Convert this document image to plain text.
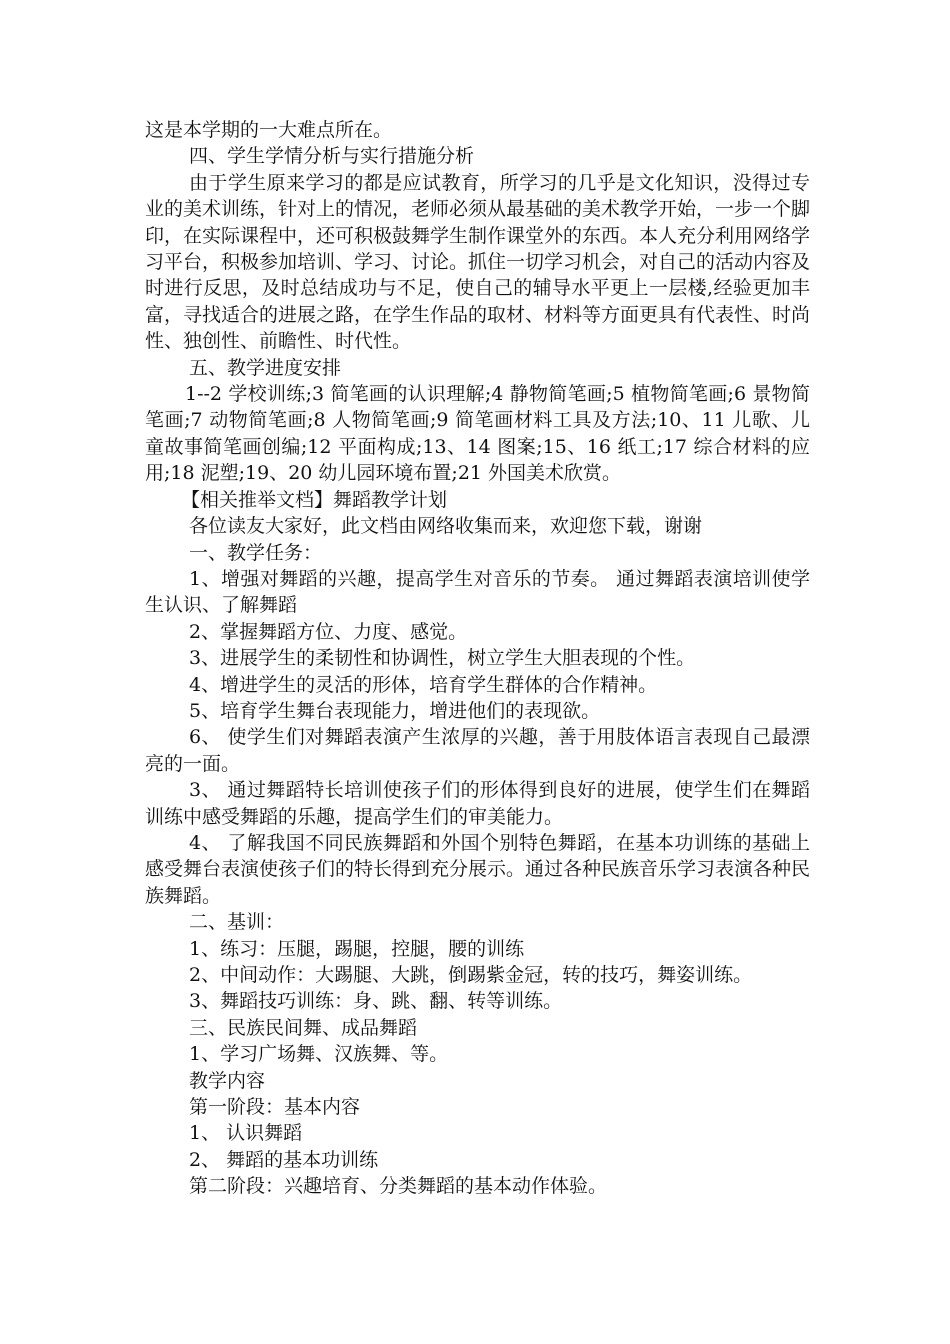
这是本学期的一大难点所在。

四、学生学情分析与实行措施分析

由于学生原来学习的都是应试教育，所学习的几乎是文化知识，没得过专业的美术训练，针对上的情况，老师必须从最基础的美术教学开始，一步一个脚印，在实际课程中，还可积极鼓舞学生制作课堂外的东西。本人充分利用网络学习平台，积极参加培训、学习、讨论。抓住一切学习机会，对自己的活动内容及时进行反思，及时总结成功与不足，使自己的辅导水平更上一层楼,经验更加丰富，寻找适合的进展之路，在学生作品的取材、材料等方面更具有代表性、时尚性、独创性、前瞻性、时代性。

五、教学进度安排

1--2 学校训练;3 简笔画的认识理解;4 静物简笔画;5 植物简笔画;6 景物简笔画;7 动物简笔画;8 人物简笔画;9 简笔画材料工具及方法;10、11 儿歌、儿童故事简笔画创编;12 平面构成;13、14 图案;15、16 纸工;17 综合材料的应用;18 泥塑;19、20 幼儿园环境布置;21 外国美术欣赏。

【相关推举文档】舞蹈教学计划

各位读友大家好，此文档由网络收集而来，欢迎您下载，谢谢

一、教学任务：

1、增强对舞蹈的兴趣，提高学生对音乐的节奏。 通过舞蹈表演培训使学生认识、了解舞蹈

2、掌握舞蹈方位、力度、感觉。

3、进展学生的柔韧性和协调性，树立学生大胆表现的个性。

4、增进学生的灵活的形体，培育学生群体的合作精神。

5、培育学生舞台表现能力，增进他们的表现欲。

6、 使学生们对舞蹈表演产生浓厚的兴趣，善于用肢体语言表现自己最漂亮的一面。

3、 通过舞蹈特长培训使孩子们的形体得到良好的进展，使学生们在舞蹈训练中感受舞蹈的乐趣，提高学生们的审美能力。

4、 了解我国不同民族舞蹈和外国个别特色舞蹈，在基本功训练的基础上感受舞台表演使孩子们的特长得到充分展示。通过各种民族音乐学习表演各种民族舞蹈。

二、基训：

1、练习：压腿，踢腿，控腿，腰的训练

2、中间动作：大踢腿、大跳，倒踢紫金冠，转的技巧，舞姿训练。

3、舞蹈技巧训练：身、跳、翻、转等训练。

三、民族民间舞、成品舞蹈

1、学习广场舞、汉族舞、等。

教学内容

第一阶段：基本内容

1、 认识舞蹈

2、 舞蹈的基本功训练

第二阶段：兴趣培育、分类舞蹈的基本动作体验。
